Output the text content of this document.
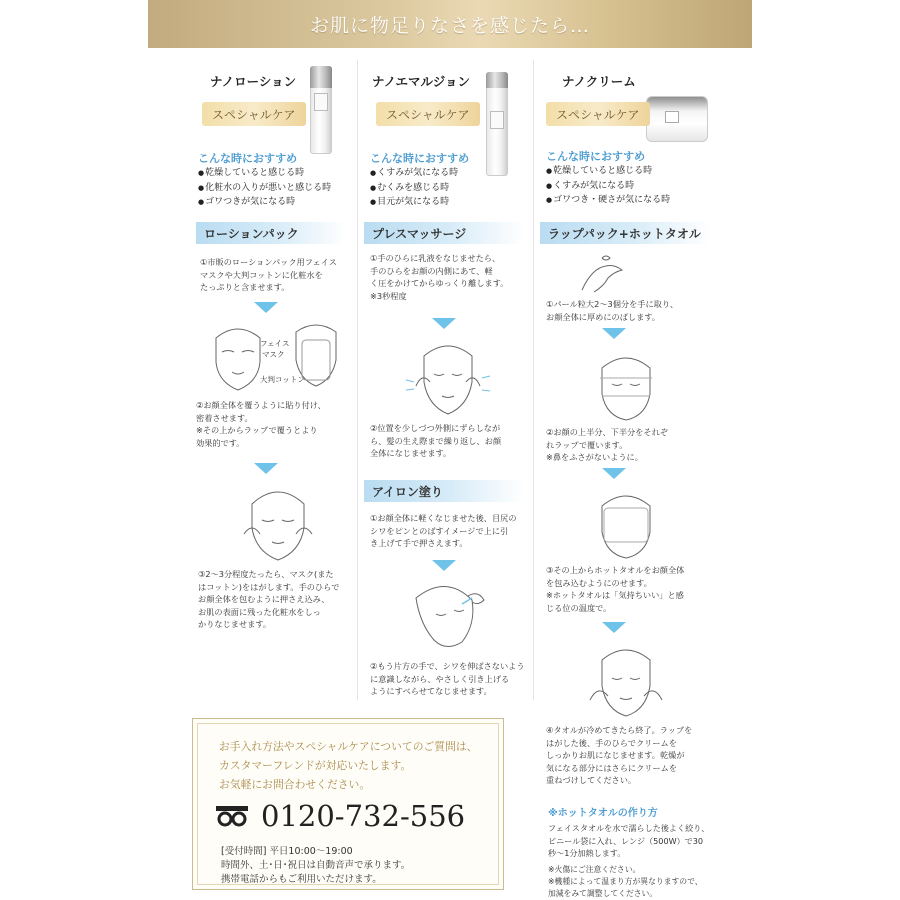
お肌に物足りなさを感じたら…
ナノローション
スペシャルケア
こんな時におすすめ
● 乾燥していると感じる時
● 化粧水の入りが悪いと感じる時
● ゴワつきが気になる時
ローションパック
①市販のローションパック用フェイス
マスクや大判コットンに化粧水を
たっぷりと含ませます。
フェイス
マスク
大判コットン
②お顔全体を覆うように貼り付け、
密着させます。
※その上からラップで覆うとより
効果的です。
③2～3分程度たったら、マスク(また
はコットン)をはがします。手のひらで
お顔全体を包むように押さえ込み、
お肌の表面に残った化粧水をしっ
かりなじませます。
ナノエマルジョン
スペシャルケア
こんな時におすすめ
● くすみが気になる時
● むくみを感じる時
● 目元が気になる時
プレスマッサージ
①手のひらに乳液をなじませたら、
手のひらをお顔の内側にあて、軽
く圧をかけてからゆっくり離します。
※3秒程度
②位置を少しづつ外側にずらしなが
ら、髪の生え際まで繰り返し、お顔
全体になじませます。
アイロン塗り
①お顔全体に軽くなじませた後、目尻の
シワをピンとのばすイメージで上に引
き上げて手で押さえます。
②もう片方の手で、シワを伸ばさないよう
に意識しながら、やさしく引き上げる
ようにすべらせてなじませます。
ナノクリーム
スペシャルケア
こんな時におすすめ
● 乾燥していると感じる時
● くすみが気になる時
● ゴワつき・硬さが気になる時
ラップパック+ホットタオル
①パール粒大2～3個分を手に取り、
お顔全体に厚めにのばします。
②お顔の上半分、下半分をそれぞ
れラップで覆います。
※鼻をふさがないように。
③その上からホットタオルをお顔全体
を包み込むようにのせます。
※ホットタオルは「気持ちいい」と感
じる位の温度で。
④タオルが冷めてきたら終了。ラップを
はがした後、手のひらでクリームを
しっかりお肌になじませます。乾燥が
気になる部分にはさらにクリームを
重ねづけしてください。
お手入れ方法やスペシャルケアについてのご質問は、
カスタマーフレンドが対応いたします。
お気軽にお問合わせください。
0120-732-556
[受付時間] 平日10:00～19:00
時間外、土･日･祝日は自動音声で承ります。
携帯電話からもご利用いただけます。
※ホットタオルの作り方
フェイスタオルを水で濡らした後よく絞り、
ビニール袋に入れ、レンジ（500W）で30
秒～1分加熱します。
※火傷にご注意ください。
※機種によって温まり方が異なりますので、
加減をみて調整してください。
